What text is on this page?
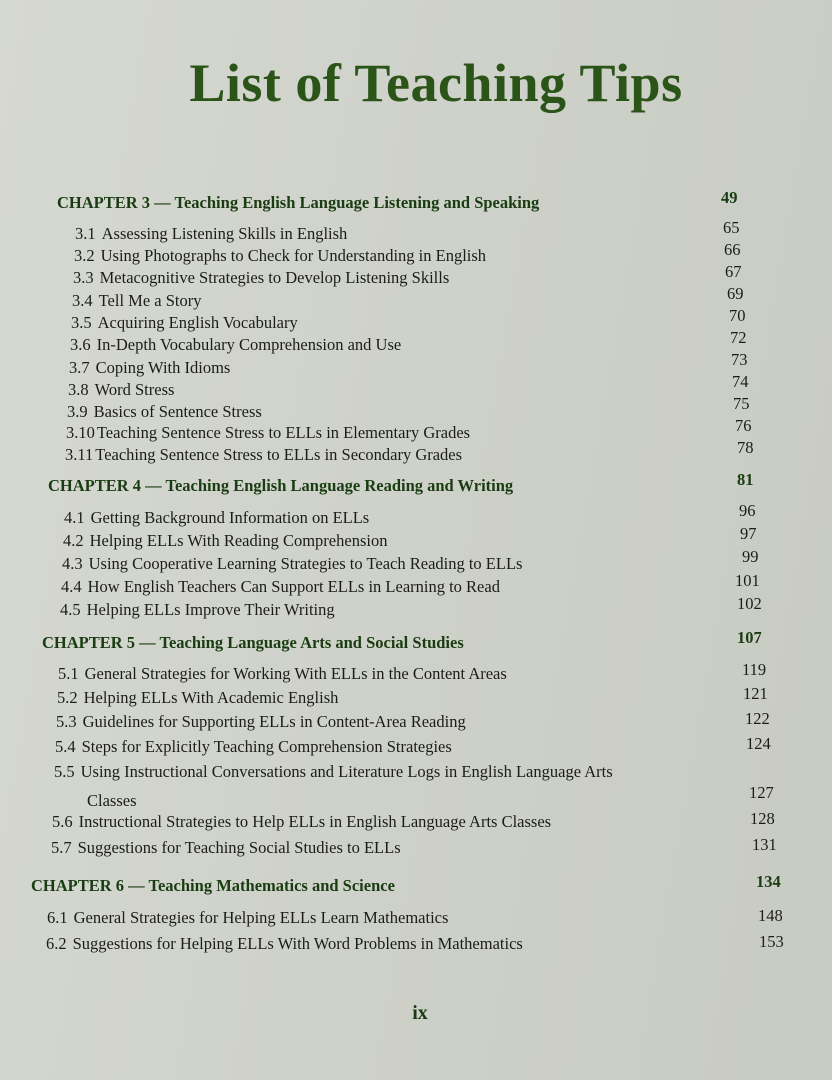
List of Teaching Tips
CHAPTER 3 — Teaching English Language Listening and Speaking	49
3.1 Assessing Listening Skills in English	65
3.2 Using Photographs to Check for Understanding in English	66
3.3 Metacognitive Strategies to Develop Listening Skills	67
3.4 Tell Me a Story	69
3.5 Acquiring English Vocabulary	70
3.6 In-Depth Vocabulary Comprehension and Use	72
3.7 Coping With Idioms	73
3.8 Word Stress	74
3.9 Basics of Sentence Stress	75
3.10 Teaching Sentence Stress to ELLs in Elementary Grades	76
3.11 Teaching Sentence Stress to ELLs in Secondary Grades	78
CHAPTER 4 — Teaching English Language Reading and Writing	81
4.1 Getting Background Information on ELLs	96
4.2 Helping ELLs With Reading Comprehension	97
4.3 Using Cooperative Learning Strategies to Teach Reading to ELLs	99
4.4 How English Teachers Can Support ELLs in Learning to Read	101
4.5 Helping ELLs Improve Their Writing	102
CHAPTER 5 — Teaching Language Arts and Social Studies	107
5.1 General Strategies for Working With ELLs in the Content Areas	119
5.2 Helping ELLs With Academic English	121
5.3 Guidelines for Supporting ELLs in Content-Area Reading	122
5.4 Steps for Explicitly Teaching Comprehension Strategies	124
5.5 Using Instructional Conversations and Literature Logs in English Language Arts
Classes	127
5.6 Instructional Strategies to Help ELLs in English Language Arts Classes	128
5.7 Suggestions for Teaching Social Studies to ELLs	131
CHAPTER 6 — Teaching Mathematics and Science	134
6.1 General Strategies for Helping ELLs Learn Mathematics	148
6.2 Suggestions for Helping ELLs With Word Problems in Mathematics	153
ix
